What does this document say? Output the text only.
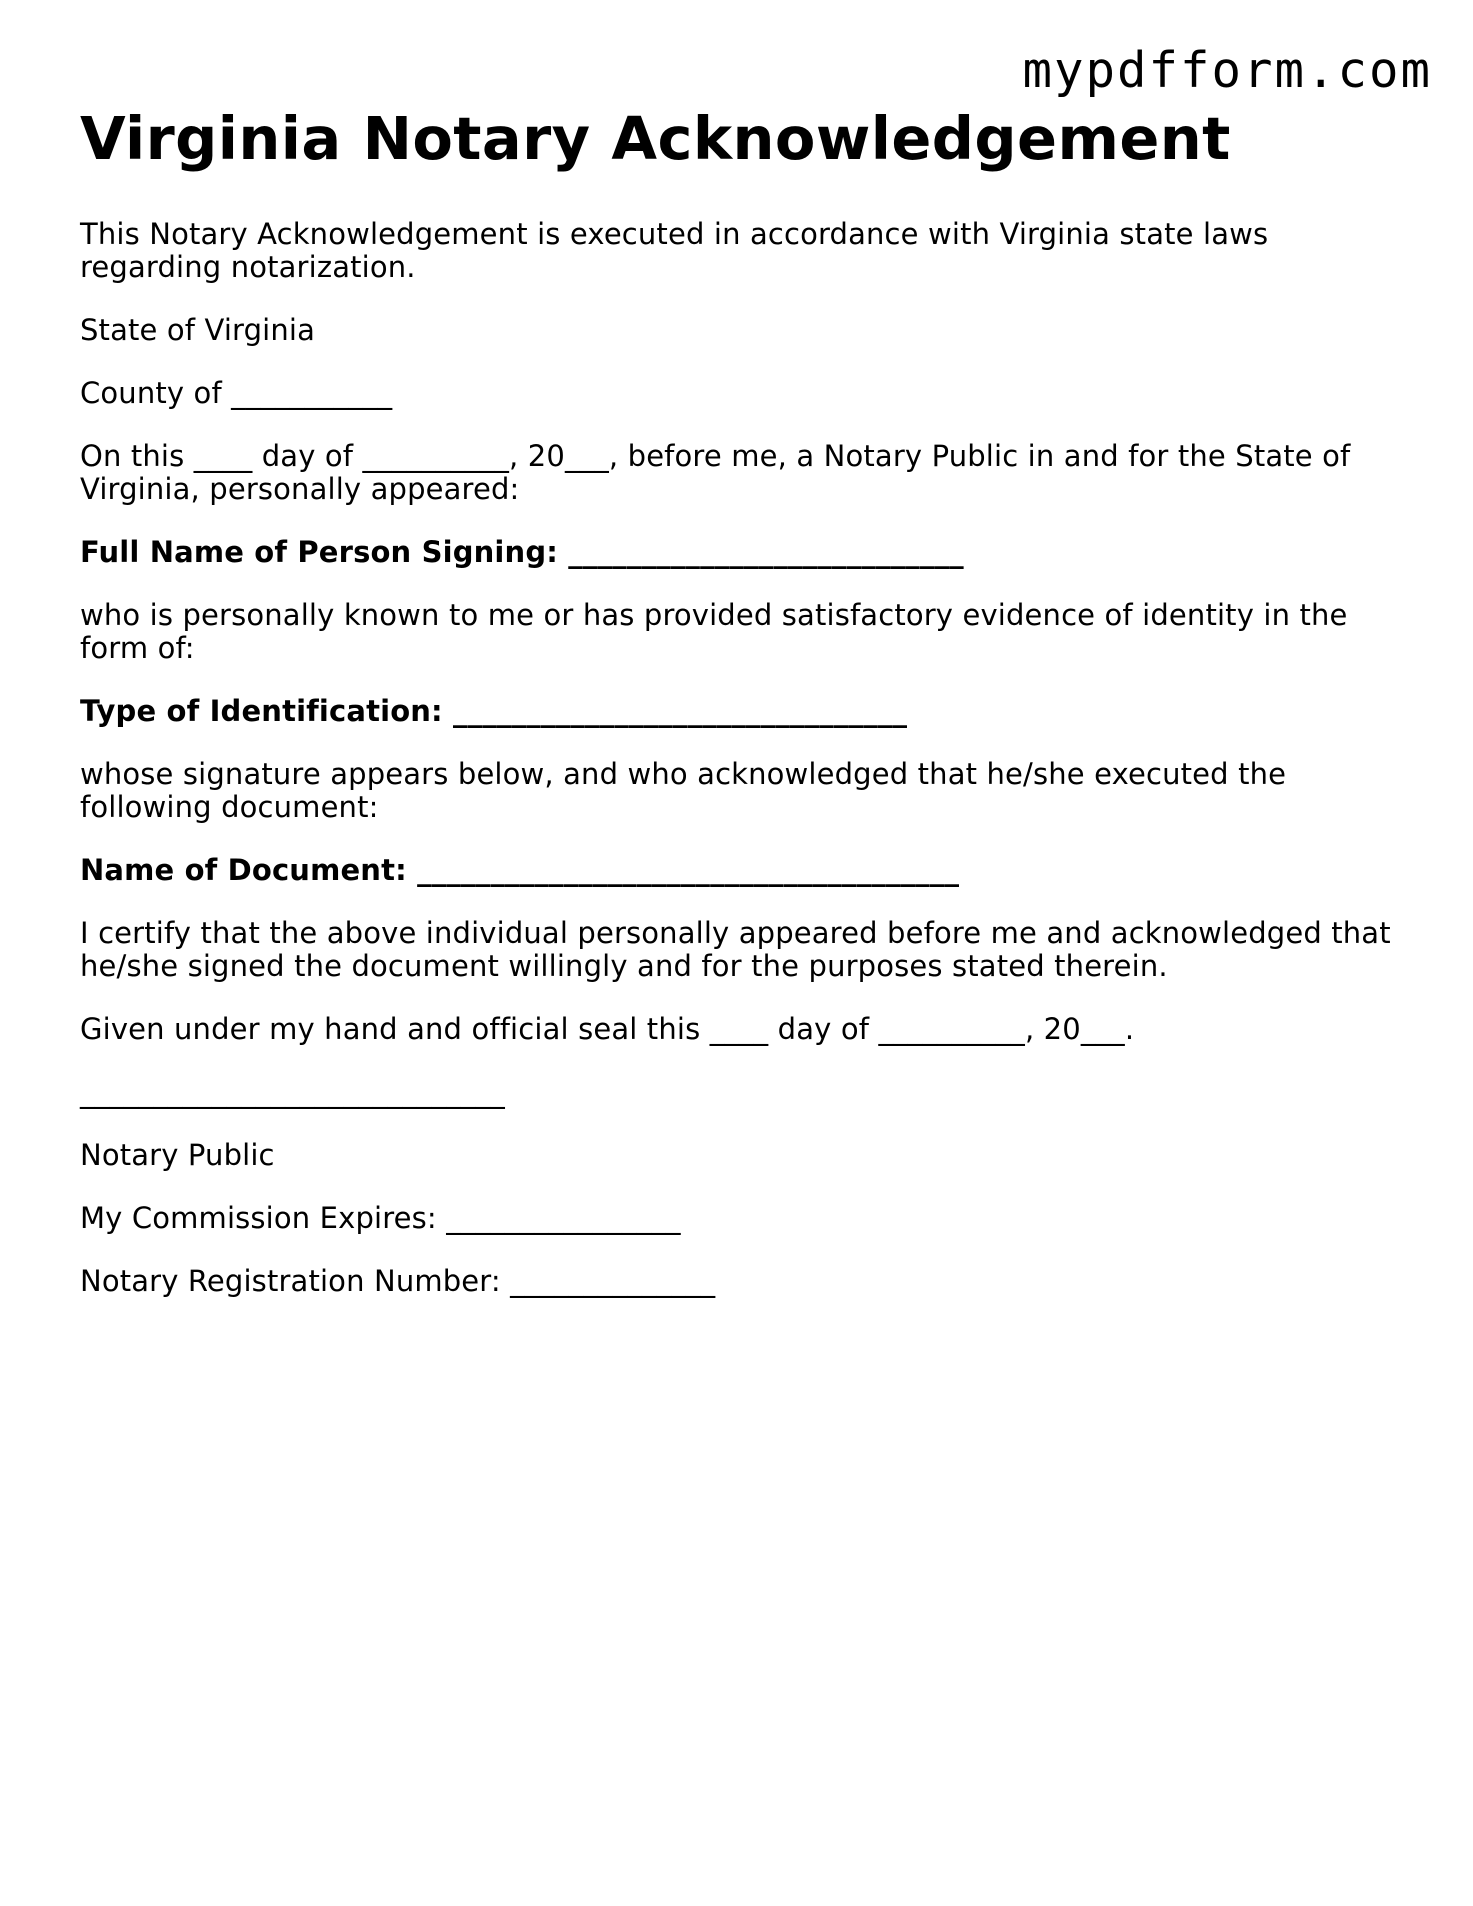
mypdfform.com
Virginia Notary Acknowledgement

This Notary Acknowledgement is executed in accordance with Virginia state laws regarding notarization.

State of Virginia

County of ___________

On this ____ day of __________, 20___, before me, a Notary Public in and for the State of Virginia, personally appeared:

Full Name of Person Signing: ___________________________

who is personally known to me or has provided satisfactory evidence of identity in the form of:

Type of Identification: _______________________________

whose signature appears below, and who acknowledged that he/she executed the following document:

Name of Document: _____________________________________

I certify that the above individual personally appeared before me and acknowledged that he/she signed the document willingly and for the purposes stated therein.

Given under my hand and official seal this ____ day of __________, 20___.

_____________________________

Notary Public

My Commission Expires: ________________

Notary Registration Number: ______________
